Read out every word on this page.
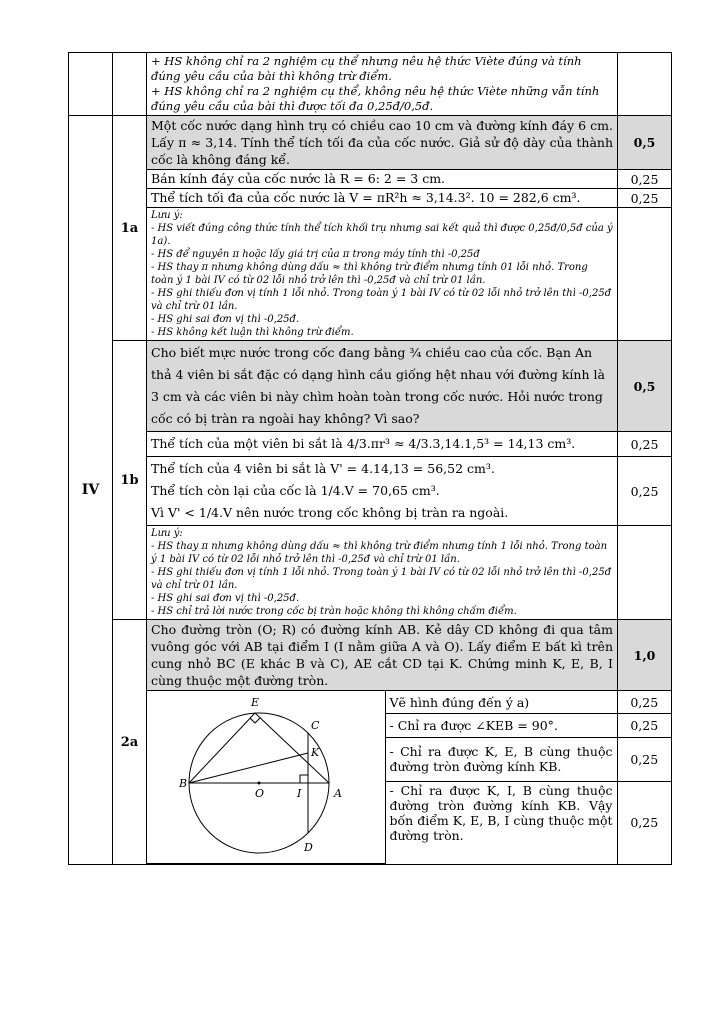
+ HS không chỉ ra 2 nghiệm cụ thể nhưng nêu hệ thức Viète đúng và tính đúng yêu cầu của bài thì không trừ điểm.
+ HS không chỉ ra 2 nghiệm cụ thể, không nêu hệ thức Viète những vẫn tính đúng yêu cầu của bài thì được tối đa 0,25đ/0,5đ.

IV	1a	Một cốc nước dạng hình trụ có chiều cao 10 cm và đường kính đáy 6 cm. Lấy π ≈ 3,14. Tính thể tích tối đa của cốc nước. Giả sử độ dày của thành cốc là không đáng kể.	0,5
Bán kính đáy của cốc nước là R = 6: 2 = 3 cm.	0,25
Thể tích tối đa của cốc nước là V = πR²h ≈ 3,14.3². 10 = 282,6 cm³.	0,25

Lưu ý:
- HS viết đúng công thức tính thể tích khối trụ nhưng sai kết quả thì được 0,25đ/0,5đ của ý 1a).
- HS để nguyên π hoặc lấy giá trị của π trong máy tính thì -0,25đ
- HS thay π nhưng không dùng dấu ≈ thì không trừ điểm nhưng tính 01 lỗi nhỏ. Trong toàn ý 1 bài IV có từ 02 lỗi nhỏ trở lên thì -0,25đ và chỉ trừ 01 lần.
- HS ghi thiếu đơn vị tính 1 lỗi nhỏ. Trong toàn ý 1 bài IV có từ 02 lỗi nhỏ trở lên thì -0,25đ và chỉ trừ 01 lần.
- HS ghi sai đơn vị thì -0,25đ.
- HS không kết luận thì không trừ điểm.

1b	Cho biết mực nước trong cốc đang bằng ¾ chiều cao của cốc. Bạn An thả 4 viên bi sắt đặc có dạng hình cầu giống hệt nhau với đường kính là 3 cm và các viên bi này chìm hoàn toàn trong cốc nước. Hỏi nước trong cốc có bị tràn ra ngoài hay không? Vì sao?	0,5
Thể tích của một viên bi sắt là 4/3.πr³ ≈ 4/3.3,14.1,5³ = 14,13 cm³.	0,25

Thể tích của 4 viên bi sắt là V' = 4.14,13 = 56,52 cm³.
Thể tích còn lại của cốc là 1/4.V = 70,65 cm³.
Vì V' < 1/4.V nên nước trong cốc không bị tràn ra ngoài.
	0,25

Lưu ý:
- HS thay π nhưng không dùng dấu ≈ thì không trừ điểm nhưng tính 1 lỗi nhỏ. Trong toàn ý 1 bài IV có từ 02 lỗi nhỏ trở lên thì -0,25đ và chỉ trừ 01 lần.
- HS ghi thiếu đơn vị tính 1 lỗi nhỏ. Trong toàn ý 1 bài IV có từ 02 lỗi nhỏ trở lên thì -0,25đ và chỉ trừ 01 lần.
- HS ghi sai đơn vị thì -0,25đ.
- HS chỉ trả lời nước trong cốc bị tràn hoặc không thì không chấm điểm.

2a	Cho đường tròn (O; R) có đường kính AB. Kẻ dây CD không đi qua tâm vuông góc với AB tại điểm I (I nằm giữa A và O). Lấy điểm E bất kì trên cung nhỏ BC (E khác B và C), AE cắt CD tại K. Chứng minh K, E, B, I cùng thuộc một đường tròn.	1,0

E
C
K
B
O	I	A
D
	Vẽ hình đúng đến ý a)	0,25
- Chỉ ra được ∠KEB = 90°.	0,25
- Chỉ ra được K, E, B cùng thuộc đường tròn đường kính KB.	0,25
- Chỉ ra được K, I, B cùng thuộc đường tròn đường kính KB. Vậy bốn điểm K, E, B, I cùng thuộc một đường tròn.	0,25
